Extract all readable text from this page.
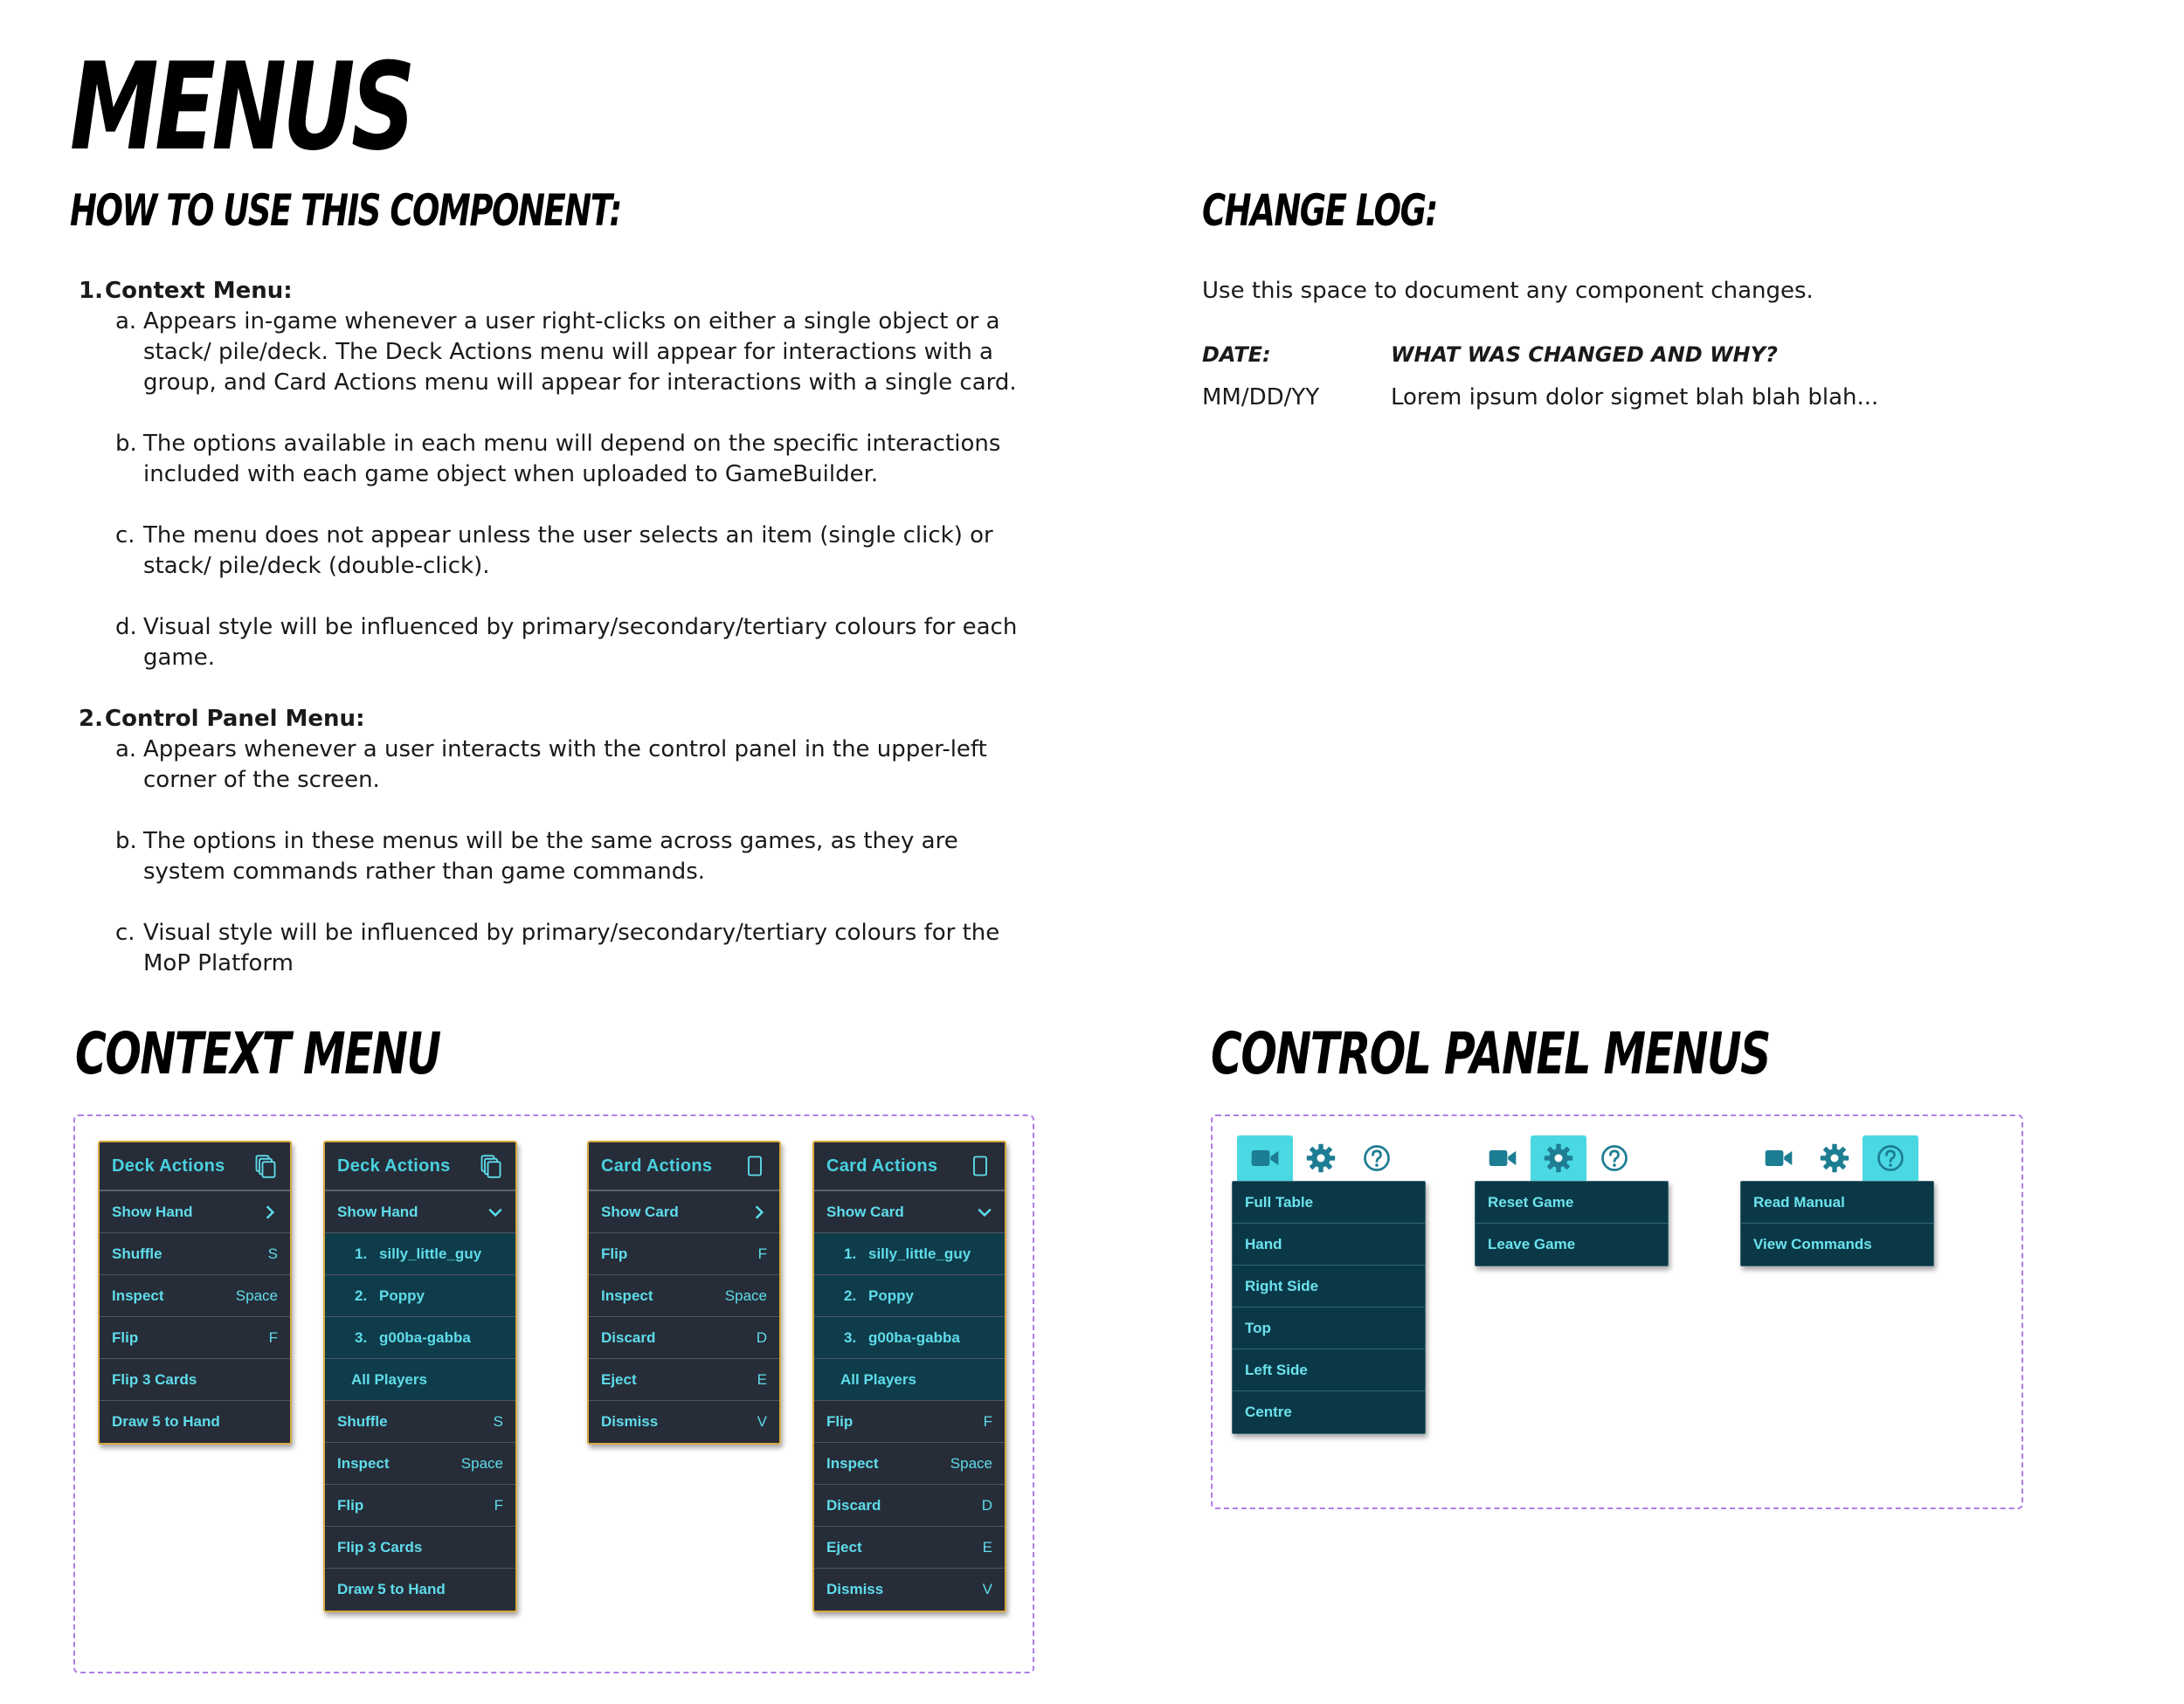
MENUS
HOW TO USE THIS COMPONENT:	CHANGE LOG:
1.Context Menu:
a. Appears in-game whenever a user right-clicks on either a single object or a stack/ pile/deck. The Deck Actions menu will appear for interactions with a group, and Card Actions menu will appear for interactions with a single card.
b. The options available in each menu will depend on the specific interactions included with each game object when uploaded to GameBuilder.
c. The menu does not appear unless the user selects an item (single click) or stack/ pile/deck (double-click).
d. Visual style will be influenced by primary/secondary/tertiary colours for each game.
2.Control Panel Menu:
a. Appears whenever a user interacts with the control panel in the upper-left corner of the screen.
b. The options in these menus will be the same across games, as they are system commands rather than game commands.
c. Visual style will be influenced by primary/secondary/tertiary colours for the MoP Platform
Use this space to document any component changes.
DATE:	WHAT WAS CHANGED AND WHY?
MM/DD/YY	Lorem ipsum dolor sigmet blah blah blah...
CONTEXT MENU	CONTROL PANEL MENUS
Deck Actions
Show Hand
Shuffle	S
Inspect	Space
Flip	F
Flip 3 Cards
Draw 5 to Hand
Deck Actions
Show Hand
1. silly_little_guy
2. Poppy
3. g00ba-gabba
All Players
Shuffle	S
Inspect	Space
Flip	F
Flip 3 Cards
Draw 5 to Hand
Card Actions
Show Card
Flip	F
Inspect	Space
Discard	D
Eject	E
Dismiss	V
Card Actions
Show Card
1. silly_little_guy
2. Poppy
3. g00ba-gabba
All Players
Flip	F
Inspect	Space
Discard	D
Eject	E
Dismiss	V
Full Table
Hand
Right Side
Top
Left Side
Centre
Reset Game
Leave Game
Read Manual
View Commands
